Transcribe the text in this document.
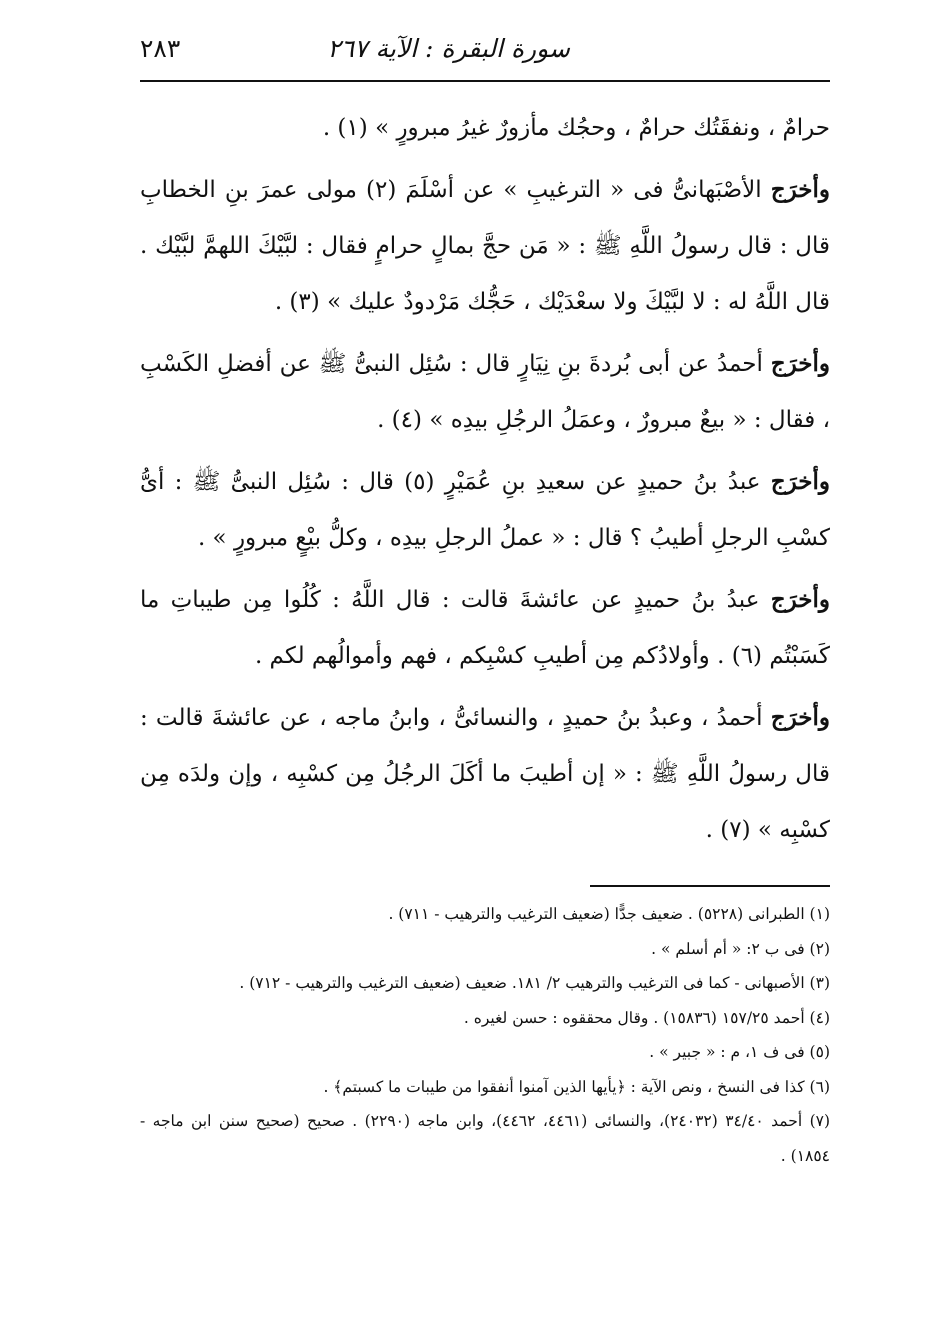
سورة البقرة : الآية ٢٦٧
٢٨٣

حرامٌ ، ونفقَتُك حرامٌ ، وحجُك مأزورٌ غيرُ مبرورٍ » (١) .

وأخرَج الأصْبَهانىُّ فى « الترغيبِ » عن أسْلَمَ (٢) مولى عمرَ بنِ الخطابِ قال : قال رسولُ اللَّهِ ﷺ : « مَن حجَّ بمالٍ حرامٍ فقال : لبَّيْكَ اللهمَّ لبَّيْك . قال اللَّهُ له : لا لبَّيْكَ ولا سعْدَيْك ، حَجُّك مَرْدودٌ عليك » (٣) .

وأخرَج أحمدُ عن أبى بُردةَ بنِ نِيَارٍ قال : سُئِل النبىُّ ﷺ عن أفضلِ الكَسْبِ ، فقال : « بيعٌ مبرورٌ ، وعمَلُ الرجُلِ بيدِه » (٤) .

وأخرَج عبدُ بنُ حميدٍ عن سعيدِ بنِ عُمَيْرٍ (٥) قال : سُئِل النبىُّ ﷺ : أىُّ كسْبِ الرجلِ أطيبُ ؟ قال : « عملُ الرجلِ بيدِه ، وكلُّ بيْعٍ مبرورٍ » .

وأخرَج عبدُ بنُ حميدٍ عن عائشةَ قالت : قال اللَّهُ : كُلُوا مِن طيباتِ ما كَسَبْتُم (٦) . وأولادُكم مِن أطيبِ كسْبِكم ، فهم وأموالُهم لكم .

وأخرَج أحمدُ ، وعبدُ بنُ حميدٍ ، والنسائىُّ ، وابنُ ماجه ، عن عائشةَ قالت : قال رسولُ اللَّهِ ﷺ : « إن أطيبَ ما أكَلَ الرجُلُ مِن كسْبِه ، وإن ولدَه مِن كسْبِه » (٧) .

(١) الطبرانى (٥٢٢٨) . ضعيف جدًّا (ضعيف الترغيب والترهيب - ٧١١) .

(٢) فى ب ٢: « أم أسلم » .

(٣) الأصبهانى - كما فى الترغيب والترهيب ٢/ ١٨١. ضعيف (ضعيف الترغيب والترهيب - ٧١٢) .

(٤) أحمد ١٥٧/٢٥ (١٥٨٣٦) . وقال محققوه : حسن لغيره .

(٥) فى ف ١، م : « جبير » .

(٦) كذا فى النسخ ، ونص الآية : ﴿يأيها الذين آمنوا أنفقوا من طيبات ما كسبتم﴾ .

(٧) أحمد ٣٤/٤٠ (٢٤٠٣٢)، والنسائى (٤٤٦١، ٤٤٦٢)، وابن ماجه (٢٢٩٠) . صحيح (صحيح سنن ابن ماجه - ١٨٥٤) .
